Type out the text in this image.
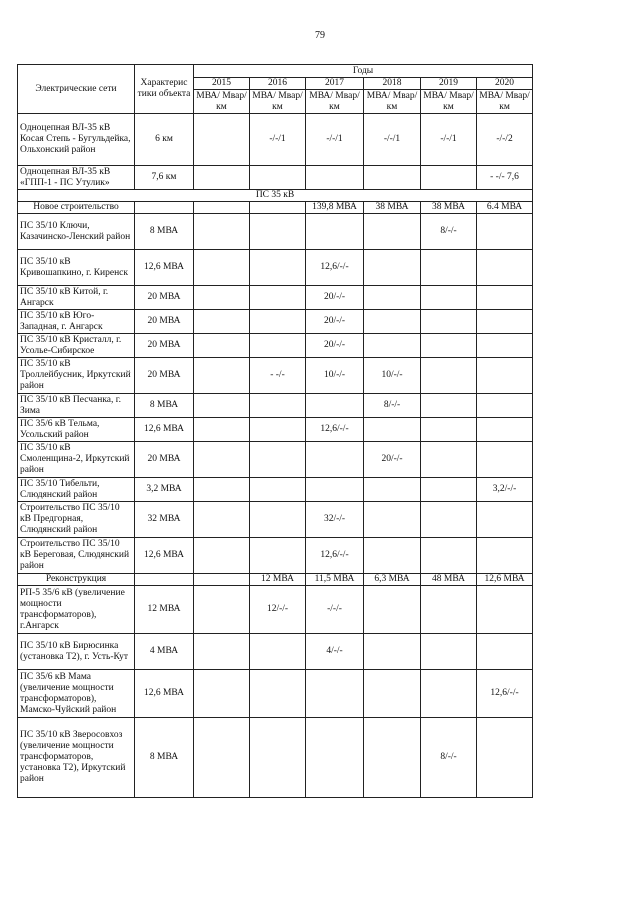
79
Электрические сети	Характерис тики объекта	Годы					
		2015	2016	2017	2018	2019	2020
		МВА/ Мвар/км	МВА/ Мвар/км	МВА/ Мвар/км	МВА/ Мвар/км	МВА/ Мвар/км	МВА/ Мвар/км
Одноцепная ВЛ-35 кВ Косая Степь - Бугульдейка, Ольхонский район	6 км		-/-/1	-/-/1	-/-/1	-/-/1	-/-/2
Одноцепная ВЛ-35 кВ «ГПП-1 - ПС Утулик»	7,6 км						- -/- 7,6
ПС 35 кВ							
Новое строительство				139,8 МВА	38 МВА	38 МВА	6.4 МВА
ПС 35/10 Ключи, Казачинско-Ленский район	8 МВА					8/-/-	
ПС 35/10 кВ Кривошапкино, г. Киренск	12,6 МВА			12,6/-/-			
ПС 35/10 кВ Китой, г. Ангарск	20 МВА			20/-/-			
ПС 35/10 кВ Юго-Западная, г. Ангарск	20 МВА			20/-/-			
ПС 35/10 кВ Кристалл, г. Усолье-Сибирское	20 МВА			20/-/-			
ПС 35/10 кВ Троллейбусник, Иркутский район	20 МВА		- -/-	10/-/-	10/-/-		
ПС 35/10 кВ Песчанка, г. Зима	8 МВА				8/-/-		
ПС 35/6 кВ Тельма, Усольский район	12,6 МВА			12,6/-/-			
ПС 35/10 кВ Смоленщина-2, Иркутский район	20 МВА				20/-/-		
ПС 35/10 Тибельти, Слюдянский район	3,2 МВА						3,2/-/-
Строительство ПС 35/10 кВ Предгорная, Слюдянский район	32 МВА			32/-/-			
Строительство ПС 35/10 кВ Береговая, Слюдянский район	12,6 МВА			12,6/-/-			
Реконструкция			12 МВА	11,5 МВА	6,3 МВА	48 МВА	12,6 МВА
РП-5 35/6 кВ (увеличение мощности трансформаторов), г.Ангарск	12 МВА		12/-/-	-/-/-			
ПС 35/10 кВ Бирюсинка (установка Т2), г. Усть-Кут	4 МВА			4/-/-			
ПС 35/6 кВ Мама (увеличение мощности трансформаторов), Мамско-Чуйский район	12,6 МВА						12,6/-/-
ПС 35/10 кВ Зверосовхоз (увеличение мощности трансформаторов, установка Т2), Иркутский район	8 МВА					8/-/-	
